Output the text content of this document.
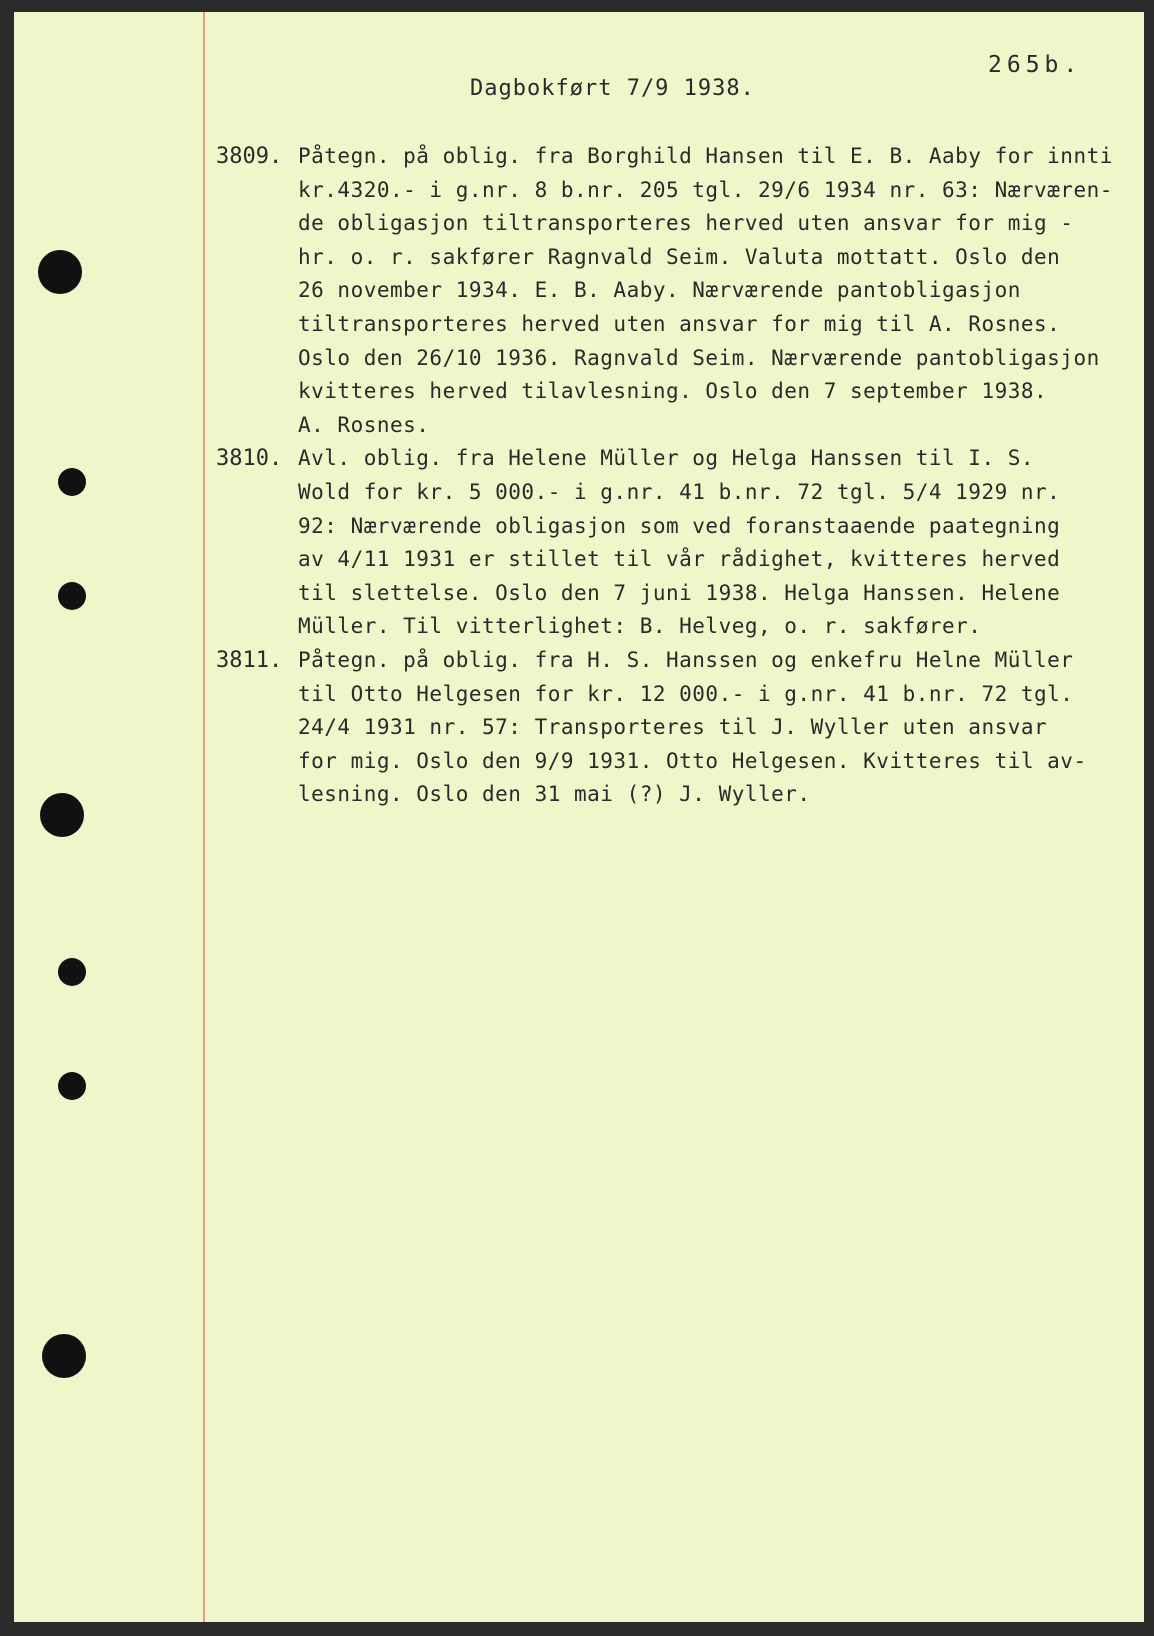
Dagbokført 7/9 1938.
265b.
3809. Påtegn. på oblig. fra Borghild Hansen til E. B. Aaby for innti
kr.4320.- i g.nr. 8 b.nr. 205 tgl. 29/6 1934 nr. 63: Nærværen-
de obligasjon tiltransporteres herved uten ansvar for mig -
hr. o. r. sakfører Ragnvald Seim. Valuta mottatt. Oslo den
26 november 1934. E. B. Aaby. Nærværende pantobligasjon
tiltransporteres herved uten ansvar for mig til A. Rosnes.
Oslo den 26/10 1936. Ragnvald Seim. Nærværende pantobligasjon
kvitteres herved tilavlesning. Oslo den 7 september 1938.
A. Rosnes.
3810. Avl. oblig. fra Helene Müller og Helga Hanssen til I. S.
Wold for kr. 5 000.- i g.nr. 41 b.nr. 72 tgl. 5/4 1929 nr.
92: Nærværende obligasjon som ved foranstaaende paategning
av 4/11 1931 er stillet til vår rådighet, kvitteres herved
til slettelse. Oslo den 7 juni 1938. Helga Hanssen. Helene
Müller. Til vitterlighet: B. Helveg, o. r. sakfører.
3811. Påtegn. på oblig. fra H. S. Hanssen og enkefru Helne Müller
til Otto Helgesen for kr. 12 000.- i g.nr. 41 b.nr. 72 tgl.
24/4 1931 nr. 57: Transporteres til J. Wyller uten ansvar
for mig. Oslo den 9/9 1931. Otto Helgesen. Kvitteres til av-
lesning. Oslo den 31 mai (?) J. Wyller.
